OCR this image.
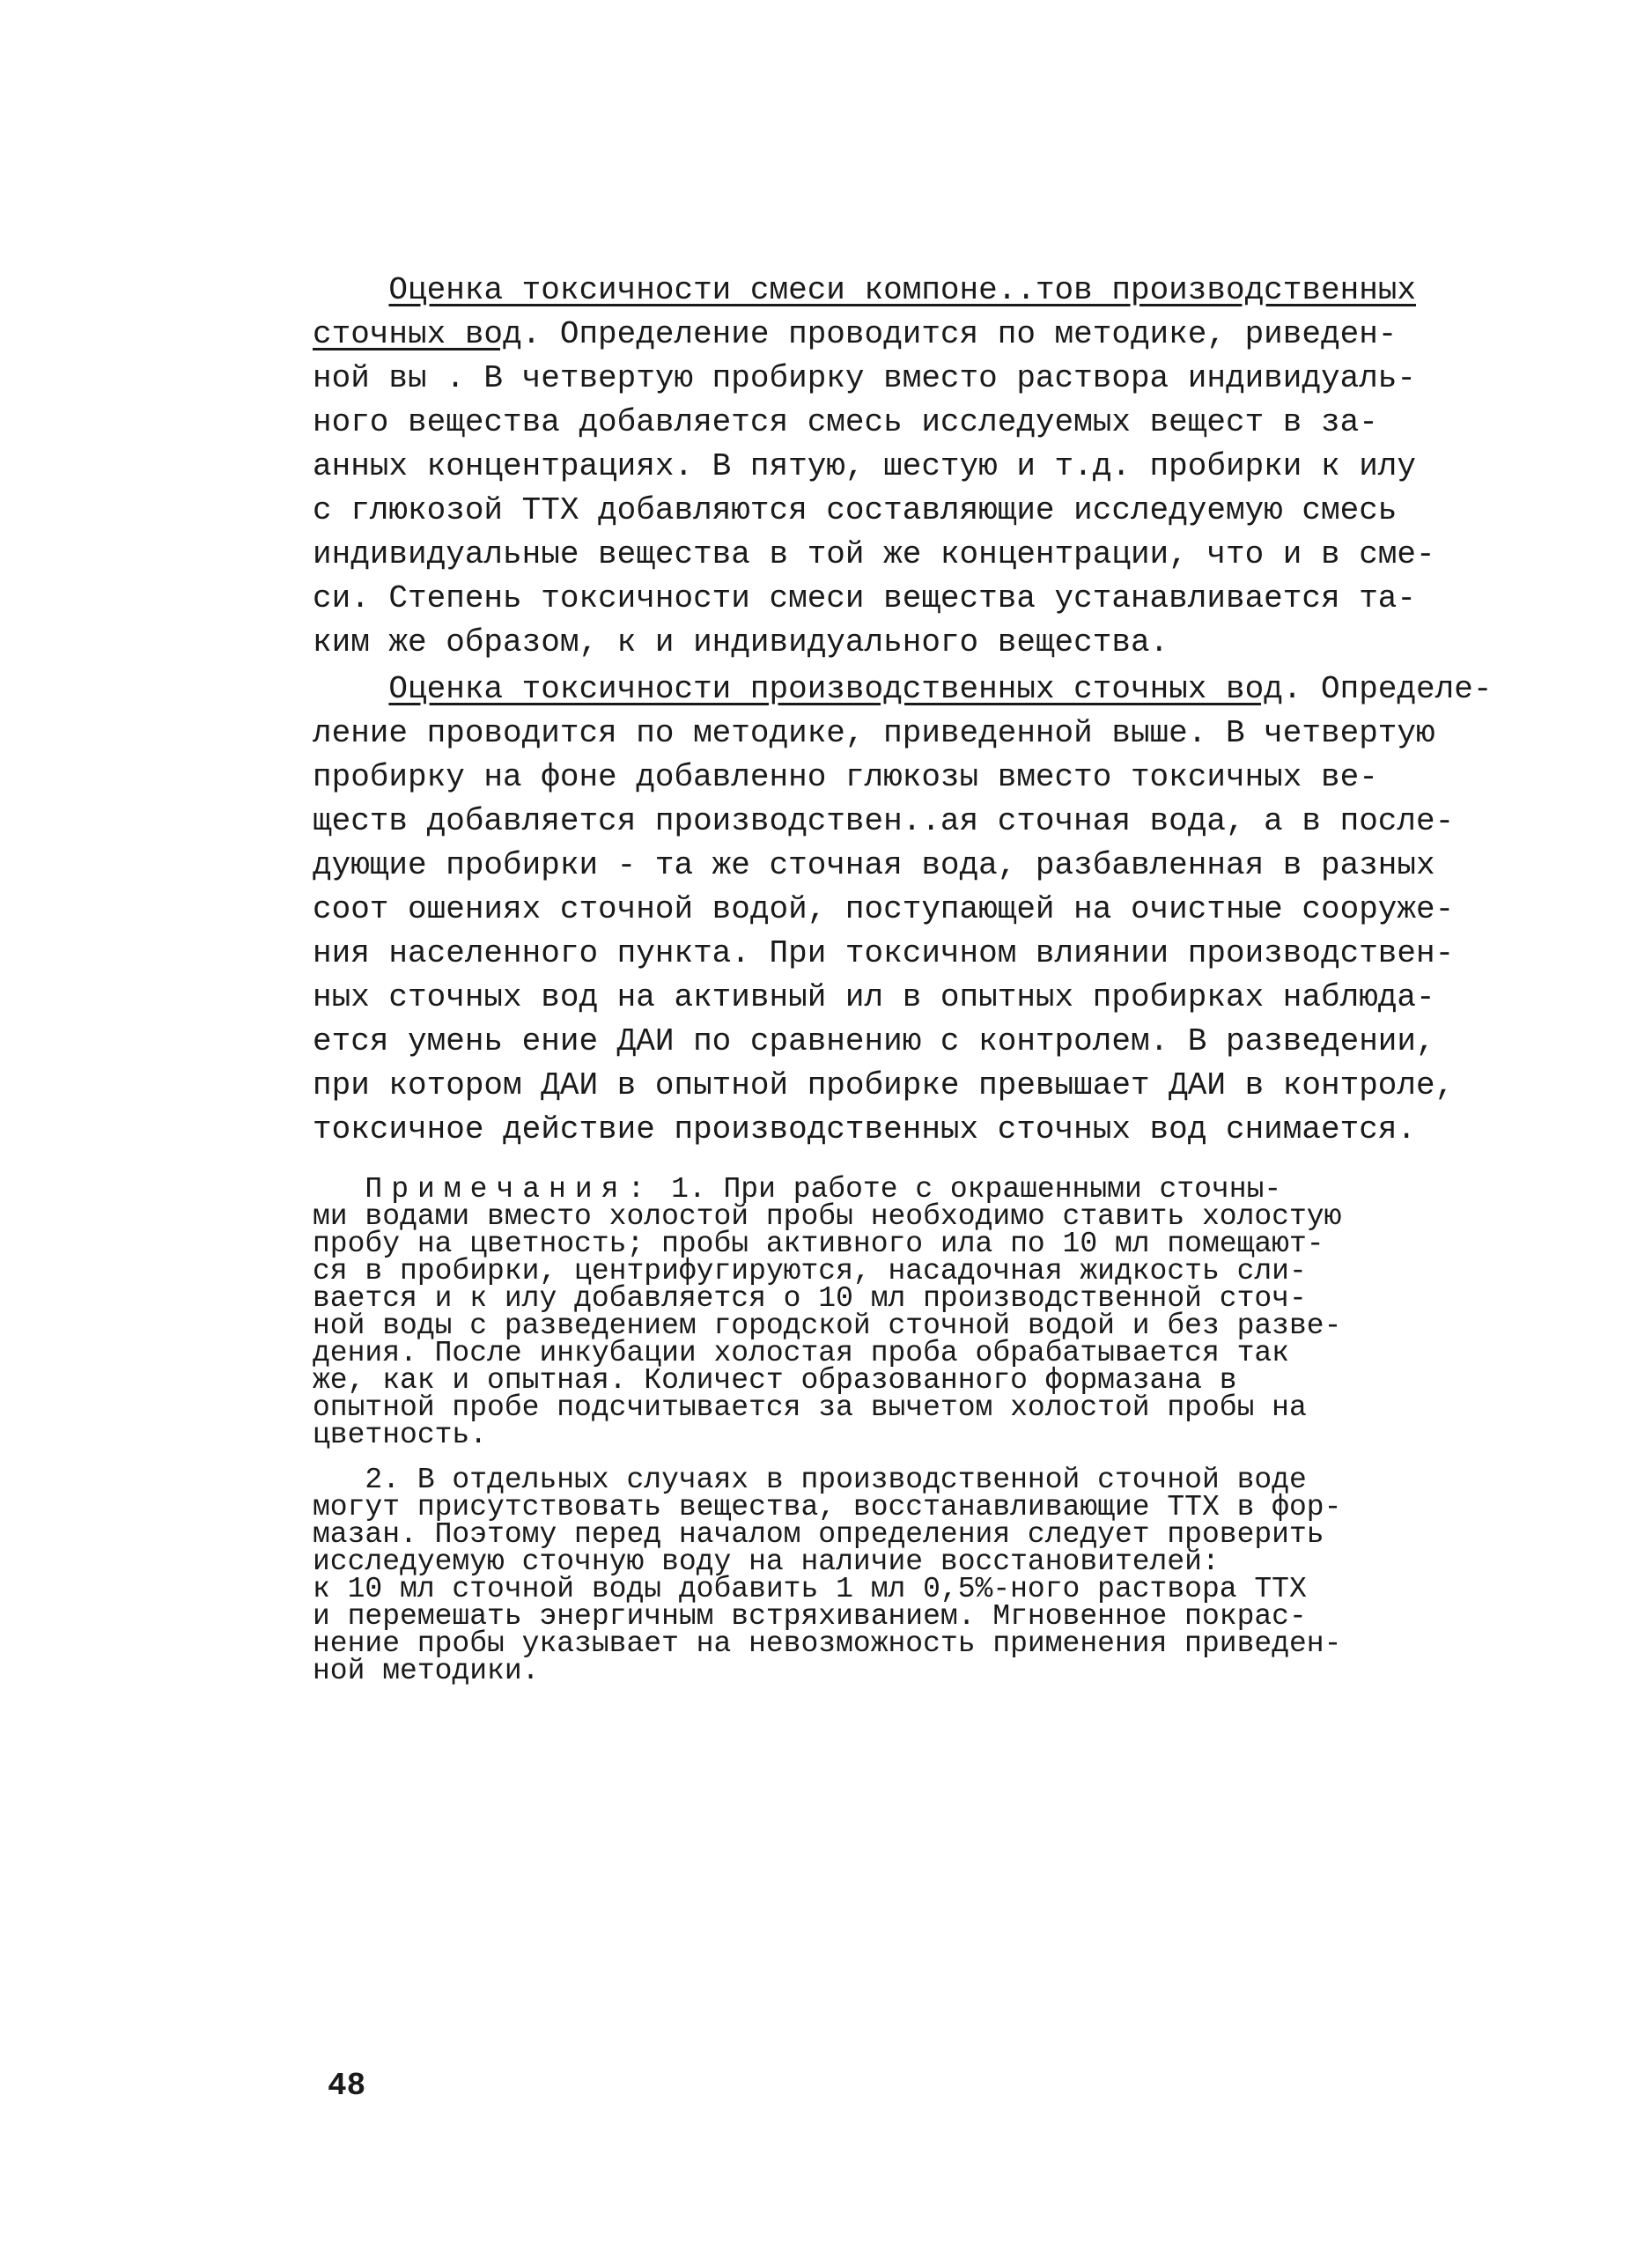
Оценка токсичности смеси компоне..тов производственных
сточных вод. Определение проводится по методике, риведен-
ной вы . В четвертую пробирку вместо раствора индивидуаль-
ного вещества добавляется смесь исследуемых вещест в за-
анных концентрациях. В пятую, шестую и т.д. пробирки к илу
с глюкозой ТТХ добавляются составляющие исследуемую смесь
индивидуальные вещества в той же концентрации, что и в сме-
си. Степень токсичности смеси вещества устанавливается та-
ким же образом, к и индивидуального вещества.
Оценка токсичности производственных сточных вод. Определе-
ление проводится по методике, приведенной выше. В четвертую
пробирку на фоне добавленно глюкозы вместо токсичных ве-
ществ добавляется производствен..ая сточная вода, а в после-
дующие пробирки - та же сточная вода, разбавленная в разных
соот ошениях сточной водой, поступающей на очистные сооруже-
ния населенного пункта. При токсичном влиянии производствен-
ных сточных вод на активный ил в опытных пробирках наблюда-
ется умень ение ДАИ по сравнению с контролем. В разведении,
при котором ДАИ в опытной пробирке превышает ДАИ в контроле,
токсичное действие производственных сточных вод снимается.
Примечания: 1. При работе с окрашенными сточны-
ми водами вместо холостой пробы необходимо ставить холостую
пробу на цветность; пробы активного ила по 10 мл помещают-
ся в пробирки, центрифугируются, насадочная жидкость сли-
вается и к илу добавляется о 10 мл производственной сточ-
ной воды с разведением городской сточной водой и без разве-
дения. После инкубации холостая проба обрабатывается так
же, как и опытная. Количест образованного формазана в
опытной пробе подсчитывается за вычетом холостой пробы на
цветность.
2. В отдельных случаях в производственной сточной воде
могут присутствовать вещества, восстанавливающие ТТХ в фор-
мазан. Поэтому перед началом определения следует проверить
исследуемую сточную воду на наличие восстановителей:
к 10 мл сточной воды добавить 1 мл 0,5%-ного раствора ТТХ
и перемешать энергичным встряхиванием. Мгновенное покрас-
нение пробы указывает на невозможность применения приведен-
ной методики.
48
